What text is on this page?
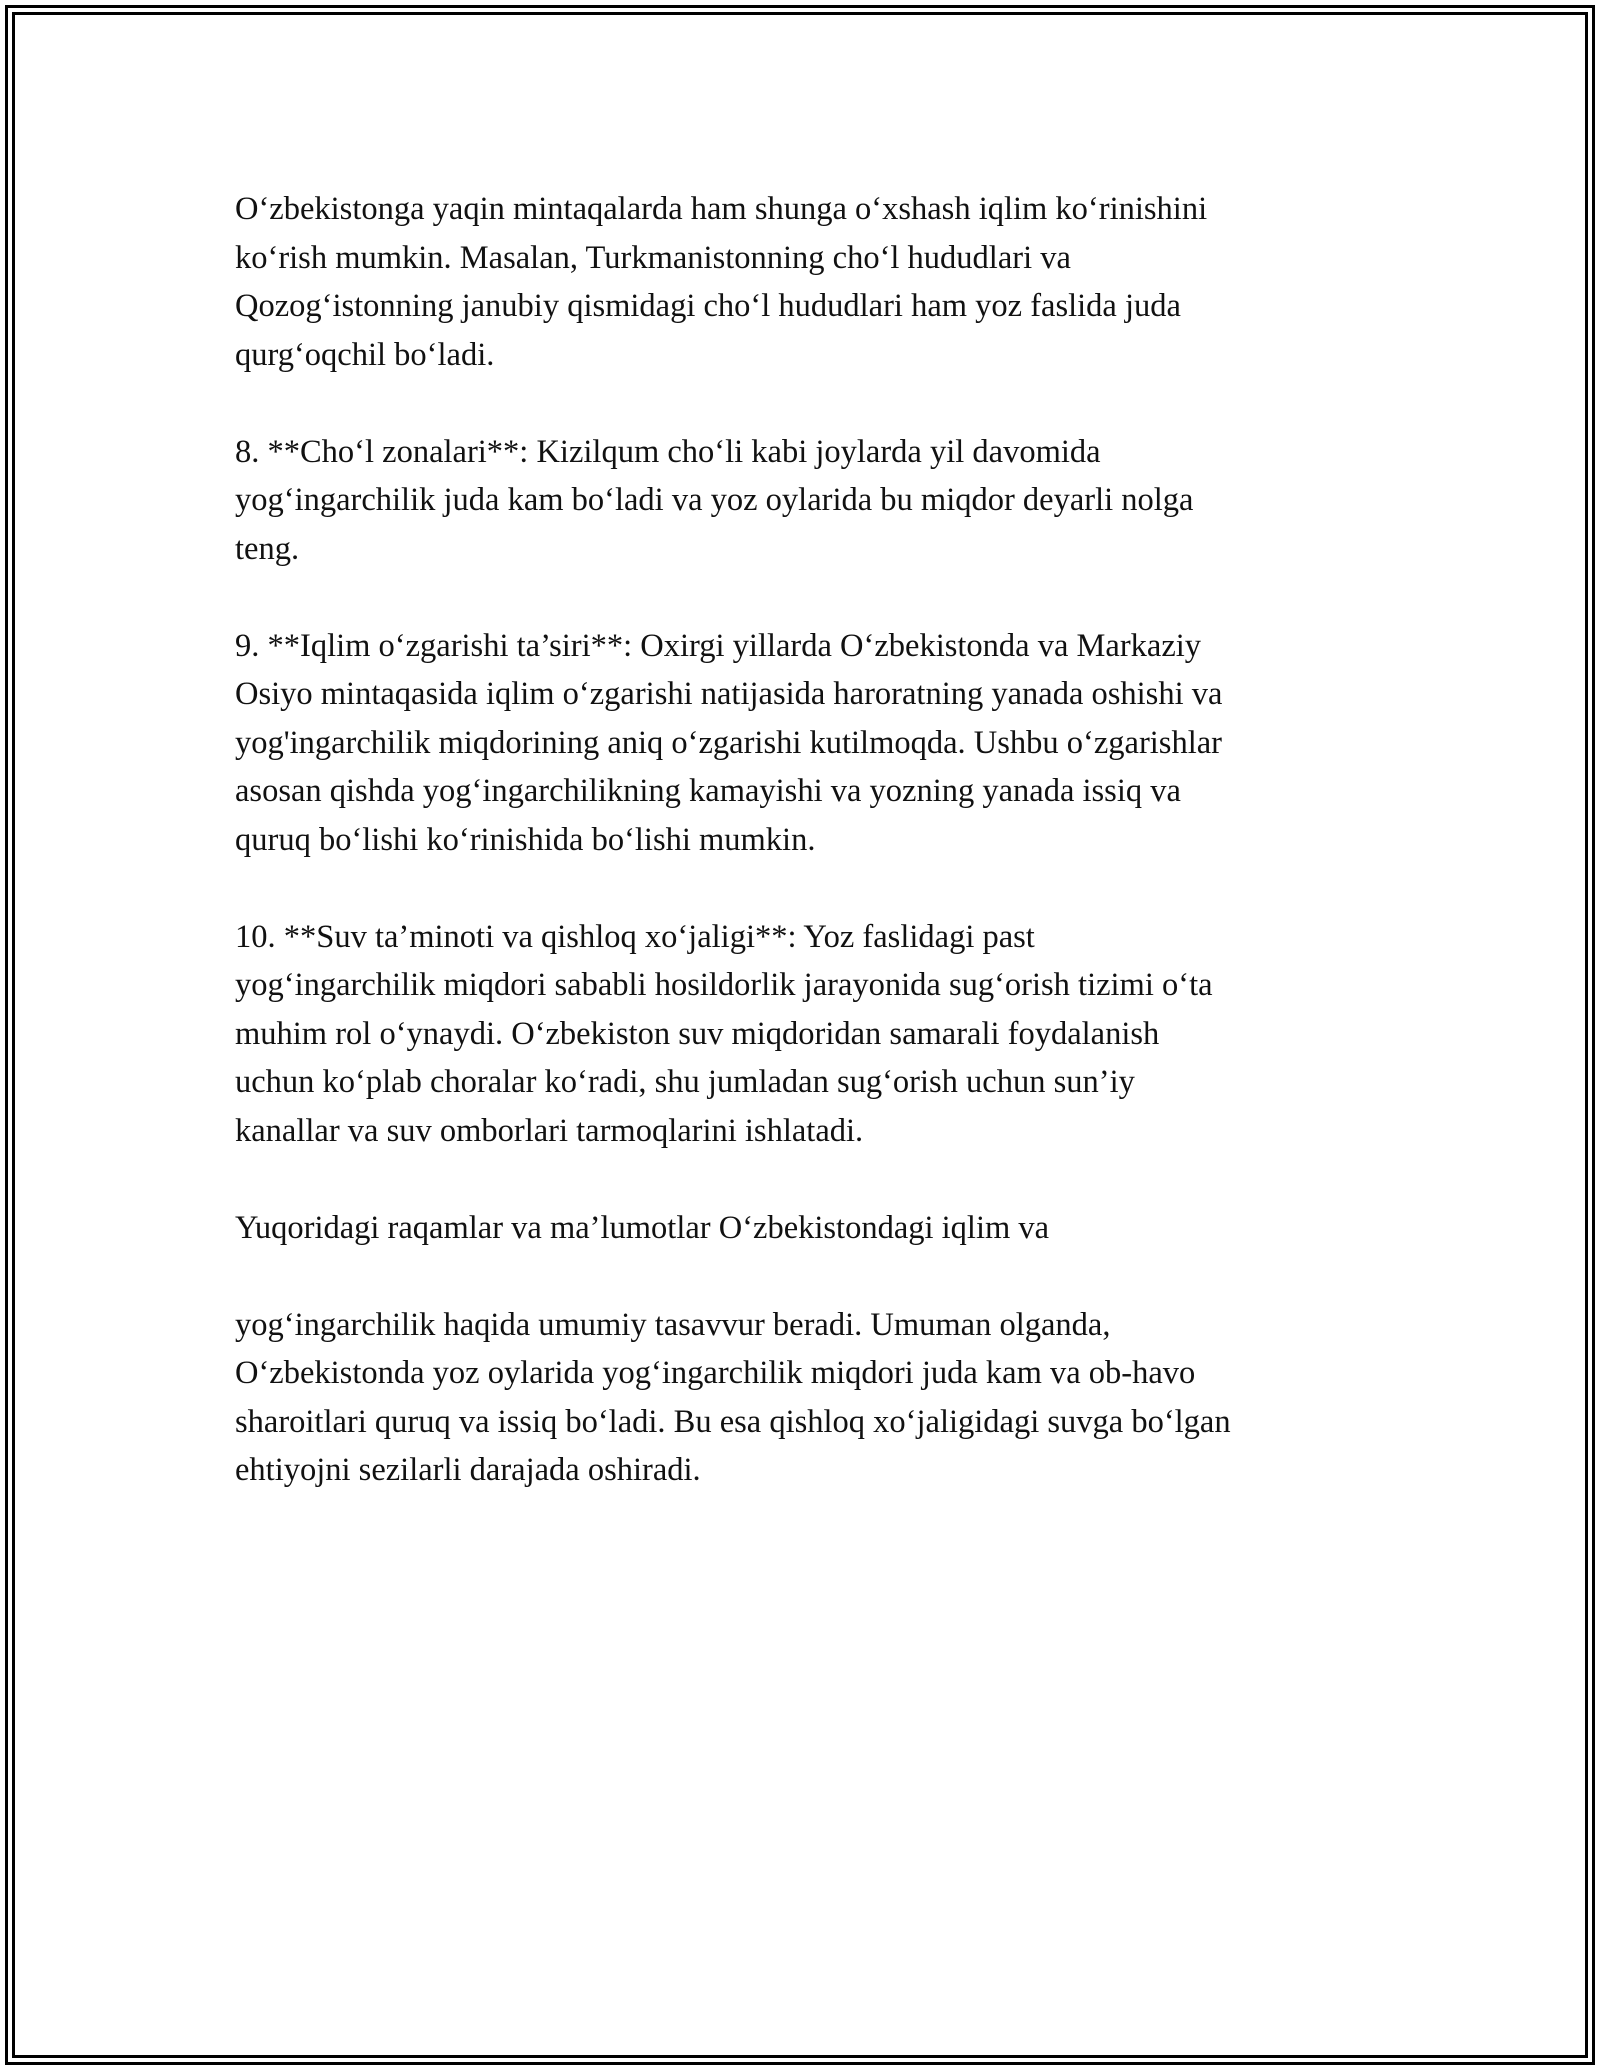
O‘zbekistonga yaqin mintaqalarda ham shunga o‘xshash iqlim ko‘rinishini
ko‘rish mumkin. Masalan, Turkmanistonning cho‘l hududlari va
Qozog‘istonning janubiy qismidagi cho‘l hududlari ham yoz faslida juda
qurg‘oqchil bo‘ladi.

8. **Cho‘l zonalari**: Kizilqum cho‘li kabi joylarda yil davomida
yog‘ingarchilik juda kam bo‘ladi va yoz oylarida bu miqdor deyarli nolga
teng.

9. **Iqlim o‘zgarishi ta’siri**: Oxirgi yillarda O‘zbekistonda va Markaziy
Osiyo mintaqasida iqlim o‘zgarishi natijasida haroratning yanada oshishi va
yog'ingarchilik miqdorining aniq o‘zgarishi kutilmoqda. Ushbu o‘zgarishlar
asosan qishda yog‘ingarchilikning kamayishi va yozning yanada issiq va
quruq bo‘lishi ko‘rinishida bo‘lishi mumkin.

10. **Suv ta’minoti va qishloq xo‘jaligi**: Yoz faslidagi past
yog‘ingarchilik miqdori sababli hosildorlik jarayonida sug‘orish tizimi o‘ta
muhim rol o‘ynaydi. O‘zbekiston suv miqdoridan samarali foydalanish
uchun ko‘plab choralar ko‘radi, shu jumladan sug‘orish uchun sun’iy
kanallar va suv omborlari tarmoqlarini ishlatadi.

Yuqoridagi raqamlar va ma’lumotlar O‘zbekistondagi iqlim va

yog‘ingarchilik haqida umumiy tasavvur beradi. Umuman olganda,
O‘zbekistonda yoz oylarida yog‘ingarchilik miqdori juda kam va ob-havo
sharoitlari quruq va issiq bo‘ladi. Bu esa qishloq xo‘jaligidagi suvga bo‘lgan
ehtiyojni sezilarli darajada oshiradi.
